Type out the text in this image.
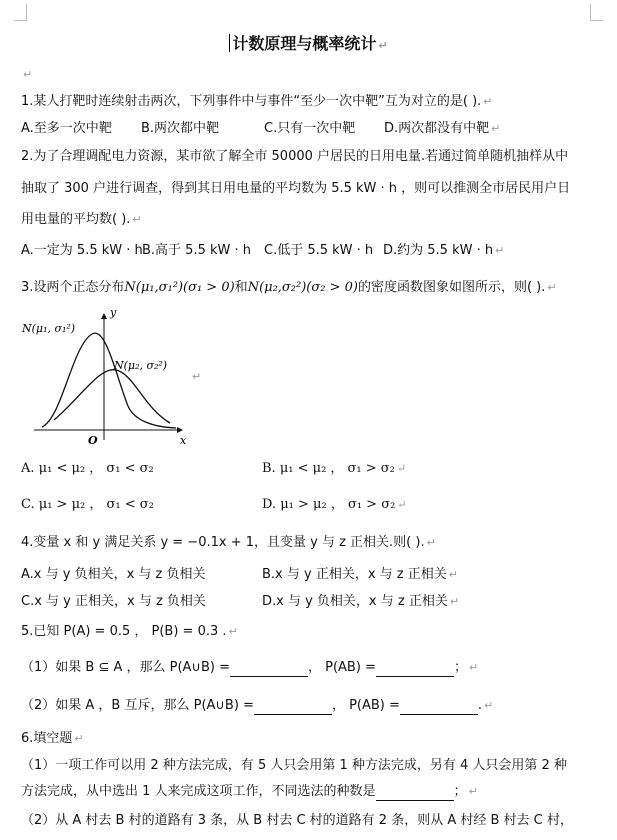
计数原理与概率统计 ↵
↵
1.某人打靶时连续射击两次，下列事件中与事件“至少一次中靶”互为对立的是( ). ↵
A.至多一次中靶 B.两次都中靶	C.只有一次中靶 D.两次都没有中靶 ↵
2.为了合理调配电力资源，某市欲了解全市 50000 户居民的日用电量.若通过简单随机抽样从中
抽取了 300 户进行调查，得到其日用电量的平均数为 5.5 kW · h ，则可以推测全市居民用户日
用电量的平均数( ). ↵
A.一定为 5.5 kW · h B.高于 5.5 kW · h C.低于 5.5 kW · h D.约为 5.5 kW · h ↵
3.设两个正态分布N(μ₁,σ₁²)(σ₁ > 0)和N(μ₂,σ₂²)(σ₂ > 0)的密度函数图象如图所示，则( ). ↵
N(μ₁, σ₁²)
N(μ₂, σ₂²)
y
x
O
↵
A. μ₁ < μ₂ ， σ₁ < σ₂	B. μ₁ < μ₂ ， σ₁ > σ₂ ↵
C. μ₁ > μ₂ ， σ₁ < σ₂	D. μ₁ > μ₂ ， σ₁ > σ₂ ↵
4.变量 x 和 y 满足关系 y = −0.1x + 1，且变量 y 与 z 正相关.则( ). ↵
A.x 与 y 负相关，x 与 z 负相关	B.x 与 y 正相关，x 与 z 正相关 ↵
C.x 与 y 正相关，x 与 z 负相关	D.x 与 y 负相关，x 与 z 正相关 ↵
5.已知 P(A) = 0.5 ， P(B) = 0.3 . ↵
（1）如果 B ⊆ A ，那么 P(A∪B) =	， P(AB) =	； ↵
（2）如果 A ，B 互斥，那么 P(A∪B) =	， P(AB) =	. ↵
6.填空题 ↵
（1）一项工作可以用 2 种方法完成，有 5 人只会用第 1 种方法完成，另有 4 人只会用第 2 种
方法完成，从中选出 1 人来完成这项工作，不同选法的种数是	； ↵
（2）从 A 村去 B 村的道路有 3 条，从 B 村去 C 村的道路有 2 条，则从 A 村经 B 村去 C 村，
